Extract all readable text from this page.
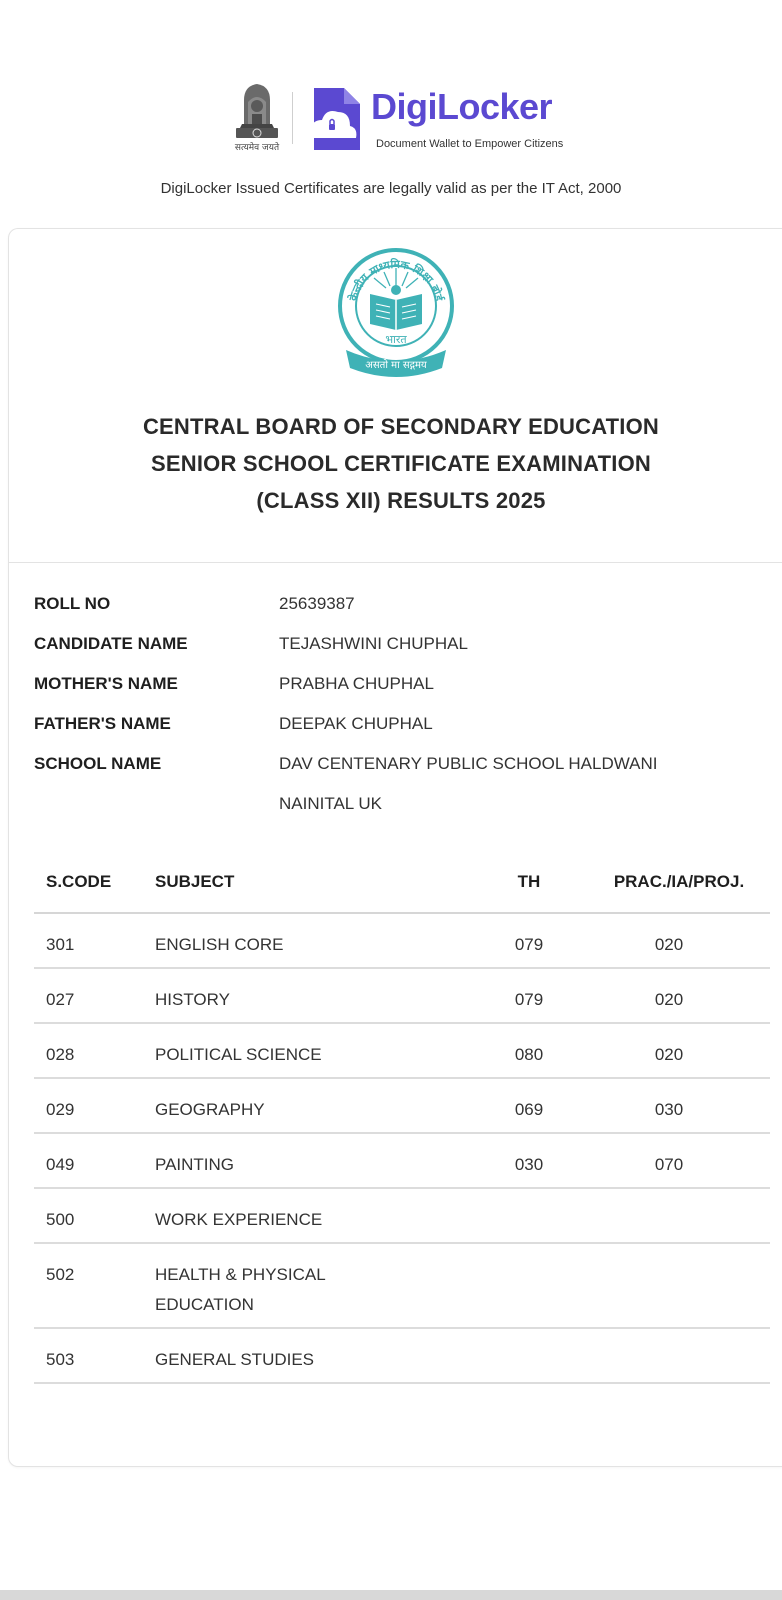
सत्यमेव जयते
DigiLocker
Document Wallet to Empower Citizens
DigiLocker Issued Certificates are legally valid as per the IT Act, 2000
केन्द्रीय माध्यमिक शिक्षा बोर्ड
भारत
असतो मा सद्गमय
CENTRAL BOARD OF SECONDARY EDUCATION
SENIOR SCHOOL CERTIFICATE EXAMINATION
(CLASS XII) RESULTS 2025
ROLL NO	25639387
CANDIDATE NAME	TEJASHWINI CHUPHAL
MOTHER'S NAME	PRABHA CHUPHAL
FATHER'S NAME	DEEPAK CHUPHAL
SCHOOL NAME	DAV CENTENARY PUBLIC SCHOOL HALDWANI
NAINITAL UK
S.CODE	SUBJECT	TH	PRAC./IA/PROJ.
301	ENGLISH CORE	079	020
027	HISTORY	079	020
028	POLITICAL SCIENCE	080	020
029	GEOGRAPHY	069	030
049	PAINTING	030	070
500	WORK EXPERIENCE
502	HEALTH & PHYSICAL
EDUCATION
503	GENERAL STUDIES
